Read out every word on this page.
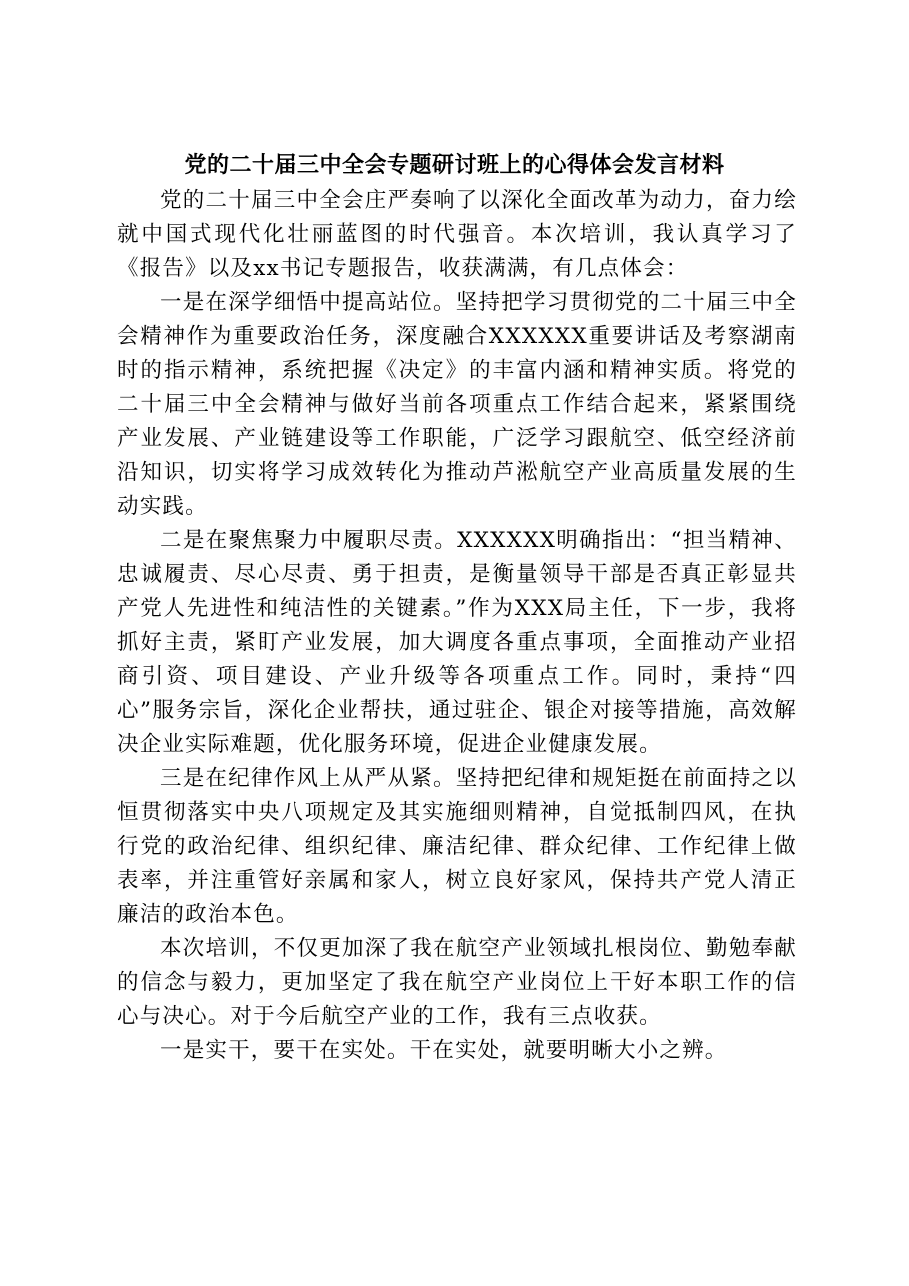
党的二十届三中全会专题研讨班上的心得体会发言材料

党的二十届三中全会庄严奏响了以深化全面改革为动力，奋力绘就中国式现代化壮丽蓝图的时代强音。本次培训，我认真学习了《报告》以及xx书记专题报告，收获满满，有几点体会：

一是在深学细悟中提高站位。坚持把学习贯彻党的二十届三中全会精神作为重要政治任务，深度融合XXXXXX重要讲话及考察湖南时的指示精神，系统把握《决定》的丰富内涵和精神实质。将党的二十届三中全会精神与做好当前各项重点工作结合起来，紧紧围绕产业发展、产业链建设等工作职能，广泛学习跟航空、低空经济前沿知识，切实将学习成效转化为推动芦淞航空产业高质量发展的生动实践。

二是在聚焦聚力中履职尽责。XXXXXX明确指出：“担当精神、忠诚履责、尽心尽责、勇于担责，是衡量领导干部是否真正彰显共产党人先进性和纯洁性的关键素。”作为XXX局主任，下一步，我将抓好主责，紧盯产业发展，加大调度各重点事项，全面推动产业招商引资、项目建设、产业升级等各项重点工作。同时，秉持“四心”服务宗旨，深化企业帮扶，通过驻企、银企对接等措施，高效解决企业实际难题，优化服务环境，促进企业健康发展。

三是在纪律作风上从严从紧。坚持把纪律和规矩挺在前面持之以恒贯彻落实中央八项规定及其实施细则精神，自觉抵制四风，在执行党的政治纪律、组织纪律、廉洁纪律、群众纪律、工作纪律上做表率，并注重管好亲属和家人，树立良好家风，保持共产党人清正廉洁的政治本色。

本次培训，不仅更加深了我在航空产业领域扎根岗位、勤勉奉献的信念与毅力，更加坚定了我在航空产业岗位上干好本职工作的信心与决心。对于今后航空产业的工作，我有三点收获。

一是实干，要干在实处。干在实处，就要明晰大小之辨。
